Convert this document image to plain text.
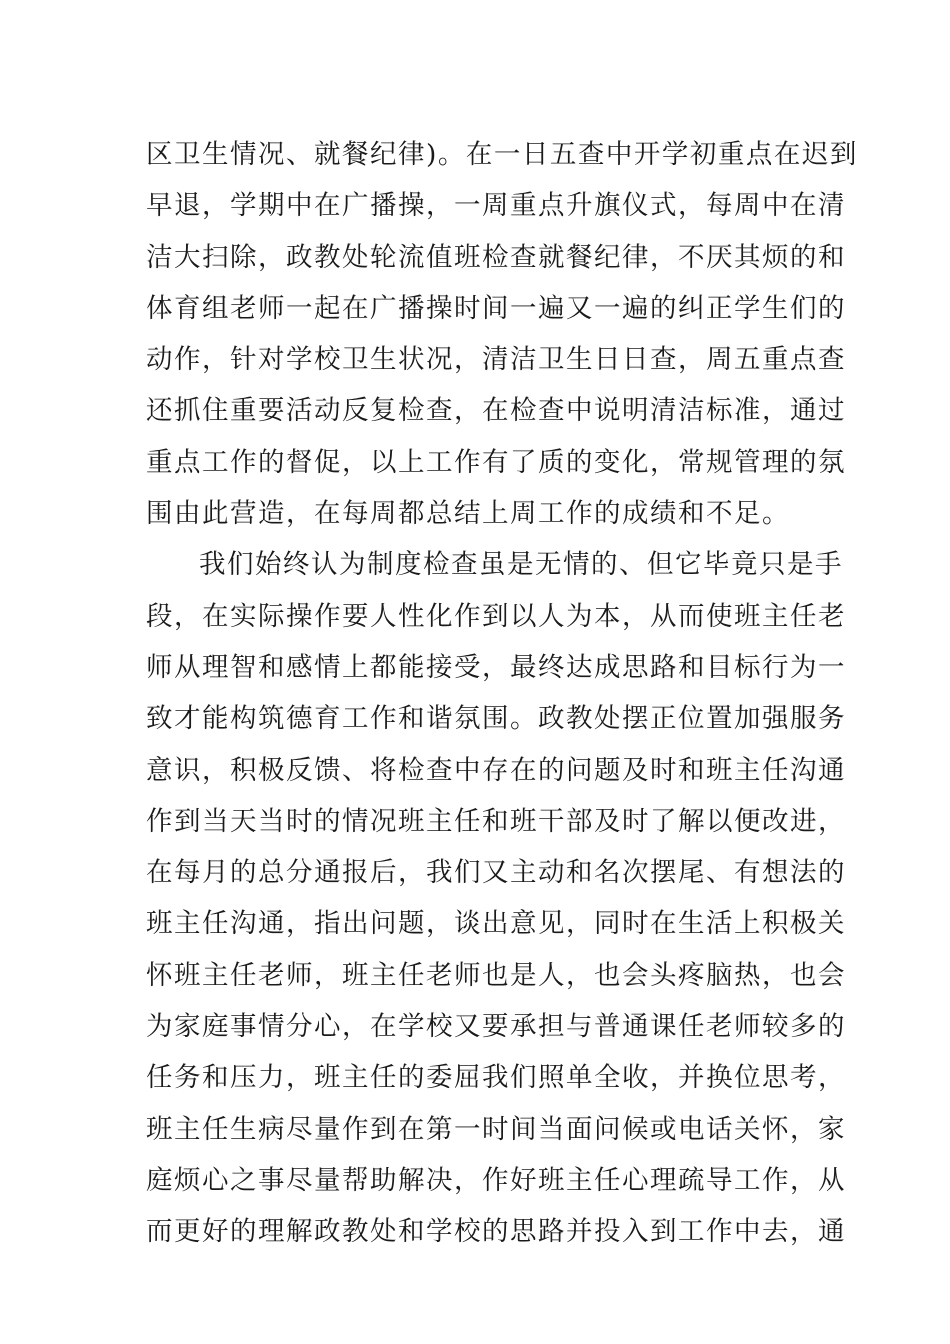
区卫生情况、就餐纪律)。在一日五查中开学初重点在迟到
早退，学期中在广播操，一周重点升旗仪式，每周中在清
洁大扫除，政教处轮流值班检查就餐纪律，不厌其烦的和
体育组老师一起在广播操时间一遍又一遍的纠正学生们的
动作，针对学校卫生状况，清洁卫生日日查，周五重点查
还抓住重要活动反复检查，在检查中说明清洁标准，通过
重点工作的督促，以上工作有了质的变化，常规管理的氛
围由此营造，在每周都总结上周工作的成绩和不足。
我们始终认为制度检查虽是无情的、但它毕竟只是手
段，在实际操作要人性化作到以人为本，从而使班主任老
师从理智和感情上都能接受，最终达成思路和目标行为一
致才能构筑德育工作和谐氛围。政教处摆正位置加强服务
意识，积极反馈、将检查中存在的问题及时和班主任沟通
作到当天当时的情况班主任和班干部及时了解以便改进，
在每月的总分通报后，我们又主动和名次摆尾、有想法的
班主任沟通，指出问题，谈出意见，同时在生活上积极关
怀班主任老师，班主任老师也是人，也会头疼脑热，也会
为家庭事情分心，在学校又要承担与普通课任老师较多的
任务和压力，班主任的委屈我们照单全收，并换位思考，
班主任生病尽量作到在第一时间当面问候或电话关怀，家
庭烦心之事尽量帮助解决，作好班主任心理疏导工作，从
而更好的理解政教处和学校的思路并投入到工作中去，通
